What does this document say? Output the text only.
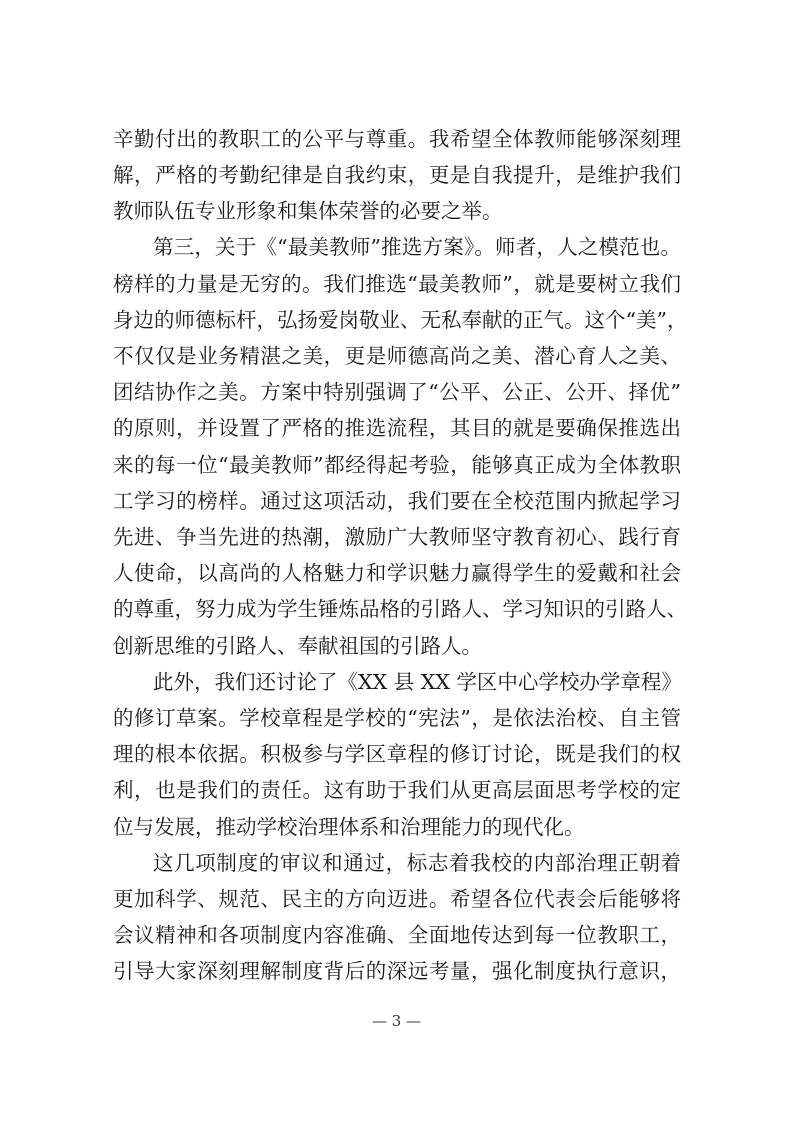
辛勤付出的教职工的公平与尊重。我希望全体教师能够深刻理
解，严格的考勤纪律是自我约束，更是自我提升，是维护我们
教师队伍专业形象和集体荣誉的必要之举。
第三，关于《“最美教师”推选方案》。师者，人之模范也。
榜样的力量是无穷的。我们推选“最美教师”，就是要树立我们
身边的师德标杆，弘扬爱岗敬业、无私奉献的正气。这个“美”，
不仅仅是业务精湛之美，更是师德高尚之美、潜心育人之美、
团结协作之美。方案中特别强调了“公平、公正、公开、择优”
的原则，并设置了严格的推选流程，其目的就是要确保推选出
来的每一位“最美教师”都经得起考验，能够真正成为全体教职
工学习的榜样。通过这项活动，我们要在全校范围内掀起学习
先进、争当先进的热潮，激励广大教师坚守教育初心、践行育
人使命，以高尚的人格魅力和学识魅力赢得学生的爱戴和社会
的尊重，努力成为学生锤炼品格的引路人、学习知识的引路人、
创新思维的引路人、奉献祖国的引路人。
此外，我们还讨论了《XX 县 XX 学区中心学校办学章程》
的修订草案。学校章程是学校的“宪法”，是依法治校、自主管
理的根本依据。积极参与学区章程的修订讨论，既是我们的权
利，也是我们的责任。这有助于我们从更高层面思考学校的定
位与发展，推动学校治理体系和治理能力的现代化。
这几项制度的审议和通过，标志着我校的内部治理正朝着
更加科学、规范、民主的方向迈进。希望各位代表会后能够将
会议精神和各项制度内容准确、全面地传达到每一位教职工，
引导大家深刻理解制度背后的深远考量，强化制度执行意识，
— 3 —
